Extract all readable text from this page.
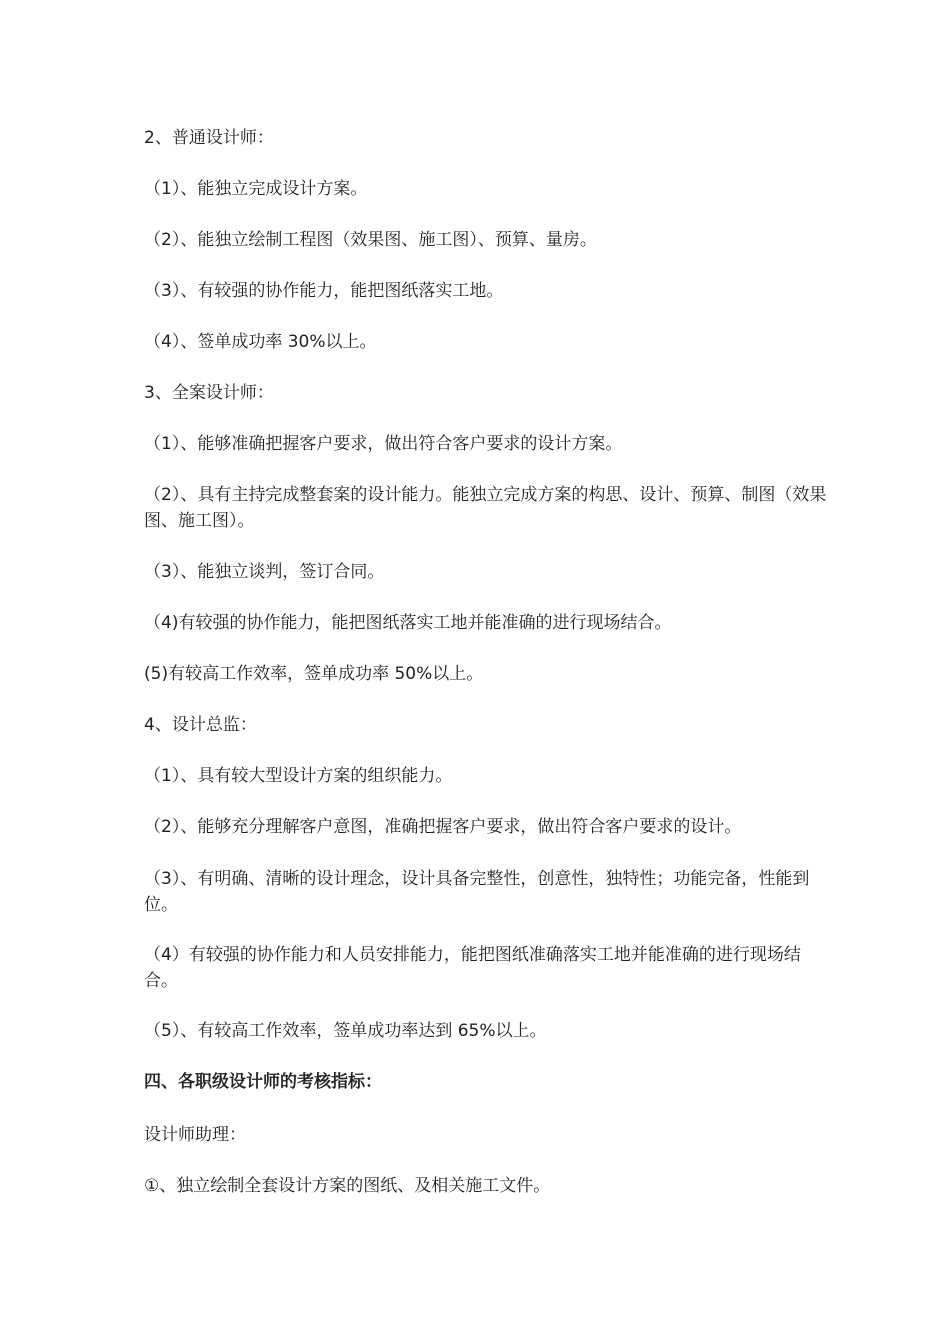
2、普通设计师：

（1）、能独立完成设计方案。

（2）、能独立绘制工程图（效果图、施工图）、预算、量房。

（3）、有较强的协作能力，能把图纸落实工地。

（4）、签单成功率 30%以上。

3、全案设计师：

（1）、能够准确把握客户要求，做出符合客户要求的设计方案。

（2）、具有主持完成整套案的设计能力。能独立完成方案的构思、设计、预算、制图（效果图、施工图）。

（3）、能独立谈判，签订合同。

（4)有较强的协作能力，能把图纸落实工地并能准确的进行现场结合。

(5)有较高工作效率，签单成功率 50%以上。

4、设计总监：

（1）、具有较大型设计方案的组织能力。

（2）、能够充分理解客户意图，准确把握客户要求，做出符合客户要求的设计。

（3）、有明确、清晰的设计理念，设计具备完整性，创意性，独特性；功能完备，性能到位。

（4）有较强的协作能力和人员安排能力，能把图纸准确落实工地并能准确的进行现场结合。

（5）、有较高工作效率，签单成功率达到 65%以上。

四、各职级设计师的考核指标：

设计师助理：

①、独立绘制全套设计方案的图纸、及相关施工文件。
